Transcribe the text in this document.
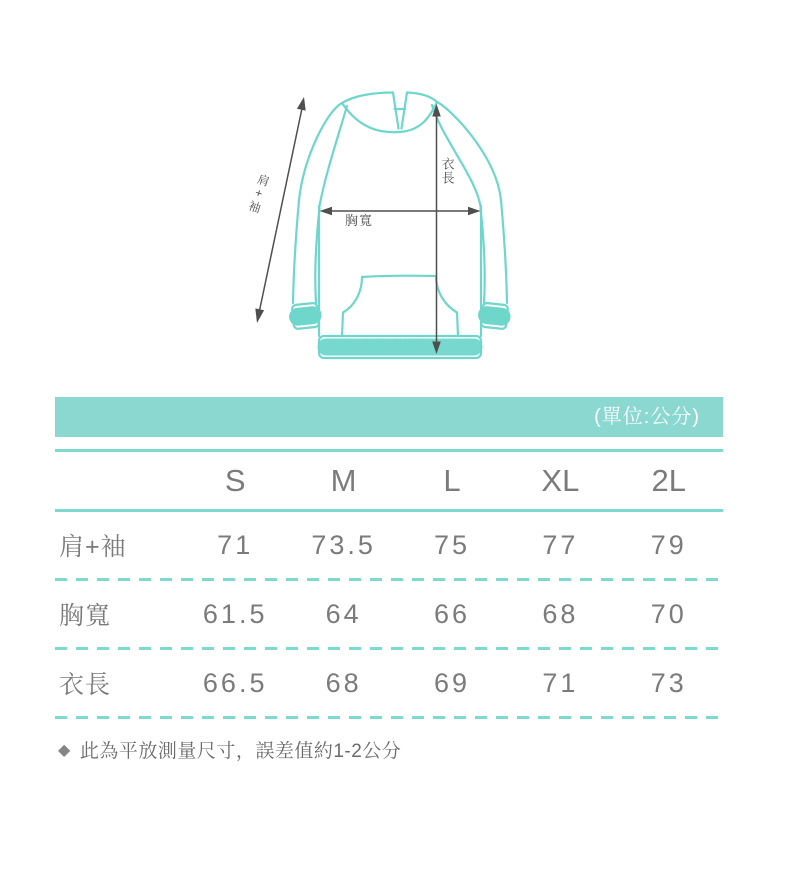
肩+袖
胸寬
衣長
(單位:公分)
S	M	L	XL	2L
肩+袖	71	73.5	75	77	79
胸寬	61.5	64	66	68	70
衣長	66.5	68	69	71	73
◆ 此為平放測量尺寸，誤差值約1-2公分
